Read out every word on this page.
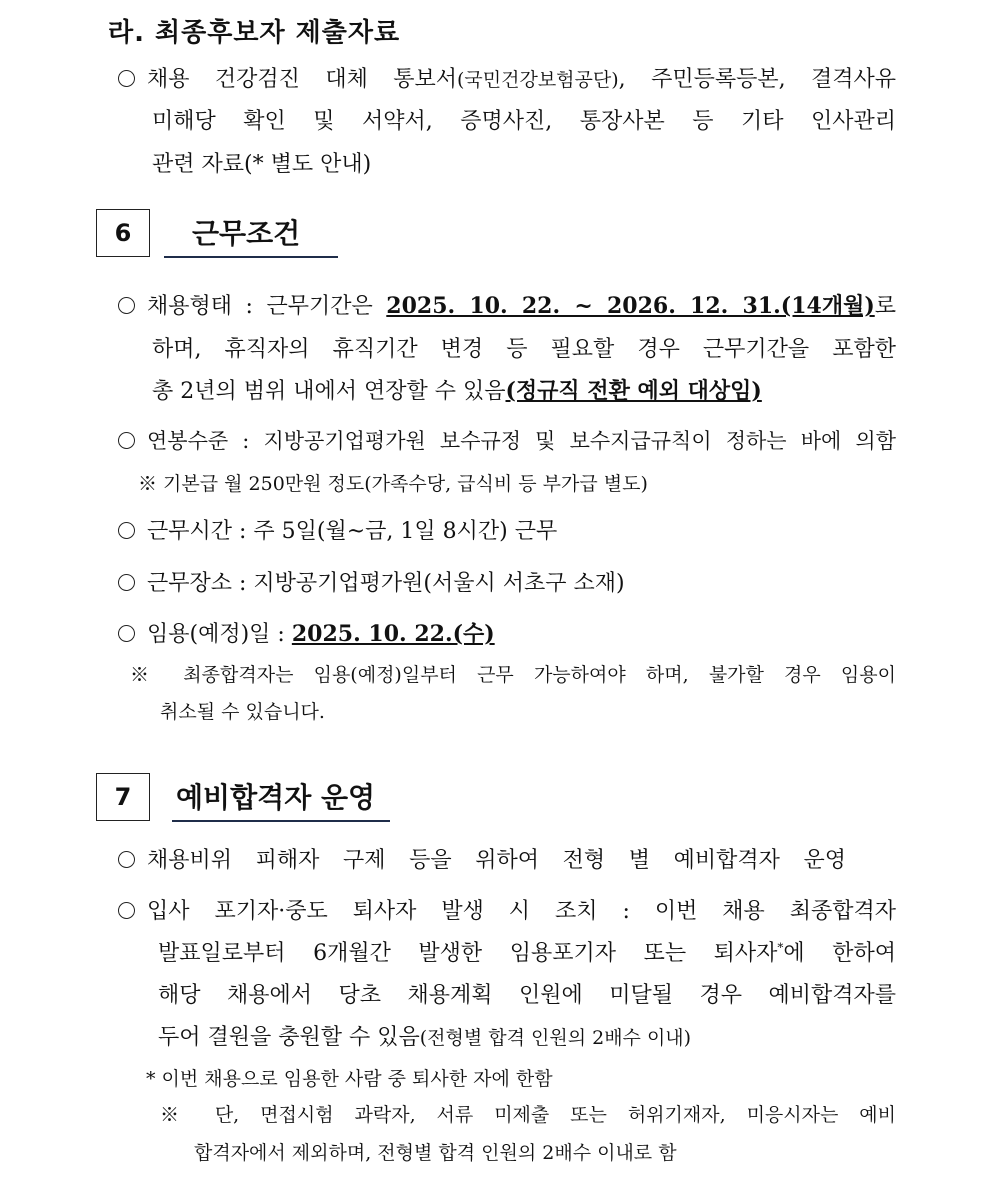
라. 최종후보자 제출자료
채용 건강검진 대체 통보서(국민건강보험공단), 주민등록등본, 결격사유
미해당 확인 및 서약서, 증명사진, 통장사본 등 기타 인사관리
관련 자료(* 별도 안내)
6	근무조건
채용형태 : 근무기간은 2025. 10. 22. ~ 2026. 12. 31.(14개월)로
하며, 휴직자의 휴직기간 변경 등 필요할 경우 근무기간을 포함한
총 2년의 범위 내에서 연장할 수 있음(정규직 전환 예외 대상임)
연봉수준 : 지방공기업평가원 보수규정 및 보수지급규칙이 정하는 바에 의함
※ 기본급 월 250만원 정도(가족수당, 급식비 등 부가급 별도)
근무시간 : 주 5일(월~금, 1일 8시간) 근무
근무장소 : 지방공기업평가원(서울시 서초구 소재)
임용(예정)일 : 2025. 10. 22.(수)
※ 최종합격자는 임용(예정)일부터 근무 가능하여야 하며, 불가할 경우 임용이
취소될 수 있습니다.
7	예비합격자 운영
채용비위 피해자 구제 등을 위하여 전형 별 예비합격자 운영
입사 포기자·중도 퇴사자 발생 시 조치 : 이번 채용 최종합격자
발표일로부터 6개월간 발생한 임용포기자 또는 퇴사자*에 한하여
해당 채용에서 당초 채용계획 인원에 미달될 경우 예비합격자를
두어 결원을 충원할 수 있음(전형별 합격 인원의 2배수 이내)
* 이번 채용으로 임용한 사람 중 퇴사한 자에 한함
※ 단, 면접시험 과락자, 서류 미제출 또는 허위기재자, 미응시자는 예비
합격자에서 제외하며, 전형별 합격 인원의 2배수 이내로 함
